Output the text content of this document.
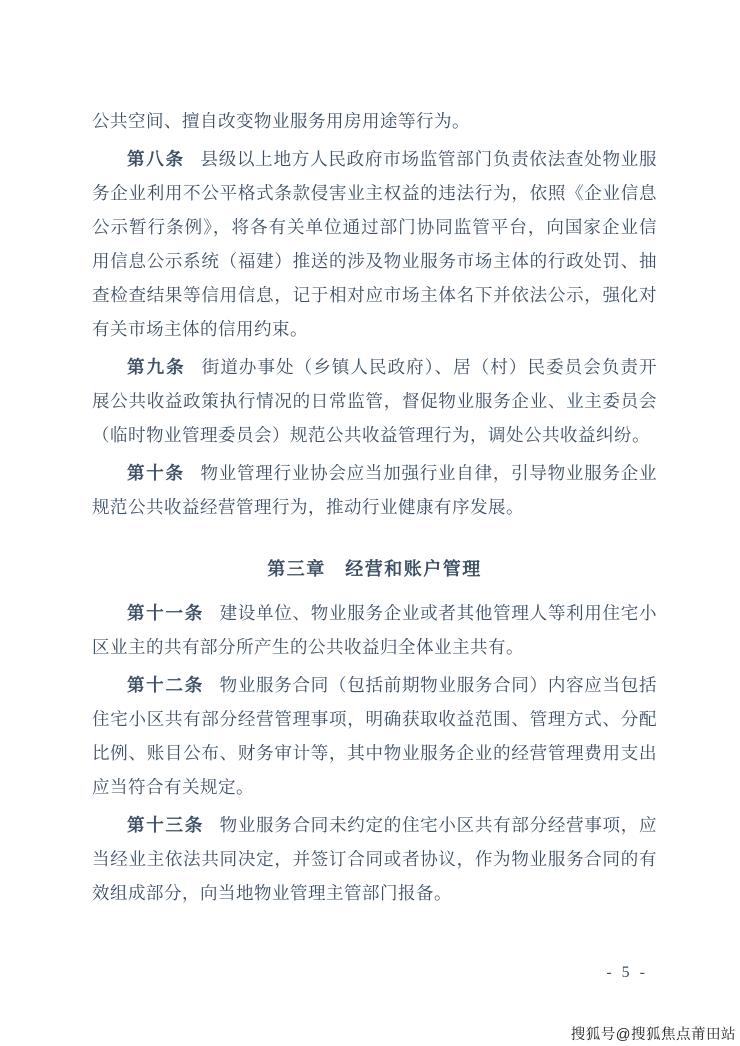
公共空间、擅自改变物业服务用房用途等行为。

第八条 县级以上地方人民政府市场监管部门负责依法查处物业服务企业利用不公平格式条款侵害业主权益的违法行为，依照《企业信息公示暂行条例》，将各有关单位通过部门协同监管平台，向国家企业信用信息公示系统（福建）推送的涉及物业服务市场主体的行政处罚、抽查检查结果等信用信息，记于相对应市场主体名下并依法公示，强化对有关市场主体的信用约束。

第九条 街道办事处（乡镇人民政府）、居（村）民委员会负责开展公共收益政策执行情况的日常监管，督促物业服务企业、业主委员会（临时物业管理委员会）规范公共收益管理行为，调处公共收益纠纷。

第十条 物业管理行业协会应当加强行业自律，引导物业服务企业规范公共收益经营管理行为，推动行业健康有序发展。

第三章　经营和账户管理

第十一条 建设单位、物业服务企业或者其他管理人等利用住宅小区业主的共有部分所产生的公共收益归全体业主共有。

第十二条 物业服务合同（包括前期物业服务合同）内容应当包括住宅小区共有部分经营管理事项，明确获取收益范围、管理方式、分配比例、账目公布、财务审计等，其中物业服务企业的经营管理费用支出应当符合有关规定。

第十三条 物业服务合同未约定的住宅小区共有部分经营事项，应当经业主依法共同决定，并签订合同或者协议，作为物业服务合同的有效组成部分，向当地物业管理主管部门报备。

- 5 -
搜狐号@搜狐焦点莆田站
